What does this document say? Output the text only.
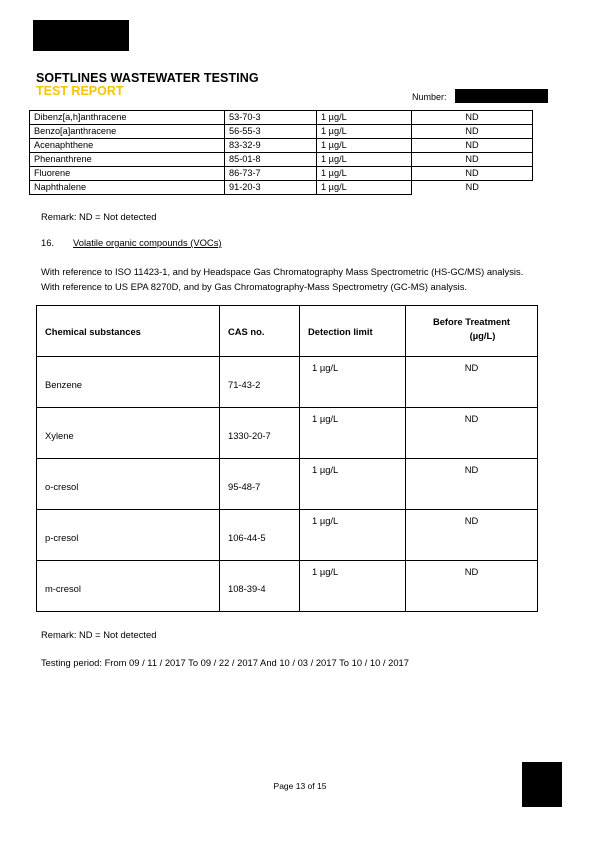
SOFTLINES WASTEWATER TESTING
TEST REPORT	Number:
Dibenz[a,h]anthracene	53-70-3	1 µg/L	ND
Benzo[a]anthracene	56-55-3	1 µg/L	ND
Acenaphthene	83-32-9	1 µg/L	ND
Phenanthrene	85-01-8	1 µg/L	ND
Fluorene	86-73-7	1 µg/L	ND
Naphthalene	91-20-3	1 µg/L	ND
Remark: ND = Not detected
16. Volatile organic compounds (VOCs)
With reference to ISO 11423-1, and by Headspace Gas Chromatography Mass Spectrometric (HS-GC/MS) analysis.
With reference to US EPA 8270D, and by Gas Chromatography-Mass Spectrometry (GC-MS) analysis.
Chemical substances	CAS no.	Detection limit	Before Treatment
(µg/L)

Benzene	71-43-2	1 µg/L	ND

Xylene	1330-20-7	1 µg/L	ND

o-cresol	95-48-7	1 µg/L	ND

p-cresol	106-44-5	1 µg/L	ND

m-cresol	108-39-4	1 µg/L	ND
Remark: ND = Not detected
Testing period: From 09 / 11 / 2017 To 09 / 22 / 2017 And 10 / 03 / 2017 To 10 / 10 / 2017
Page 13 of 15
